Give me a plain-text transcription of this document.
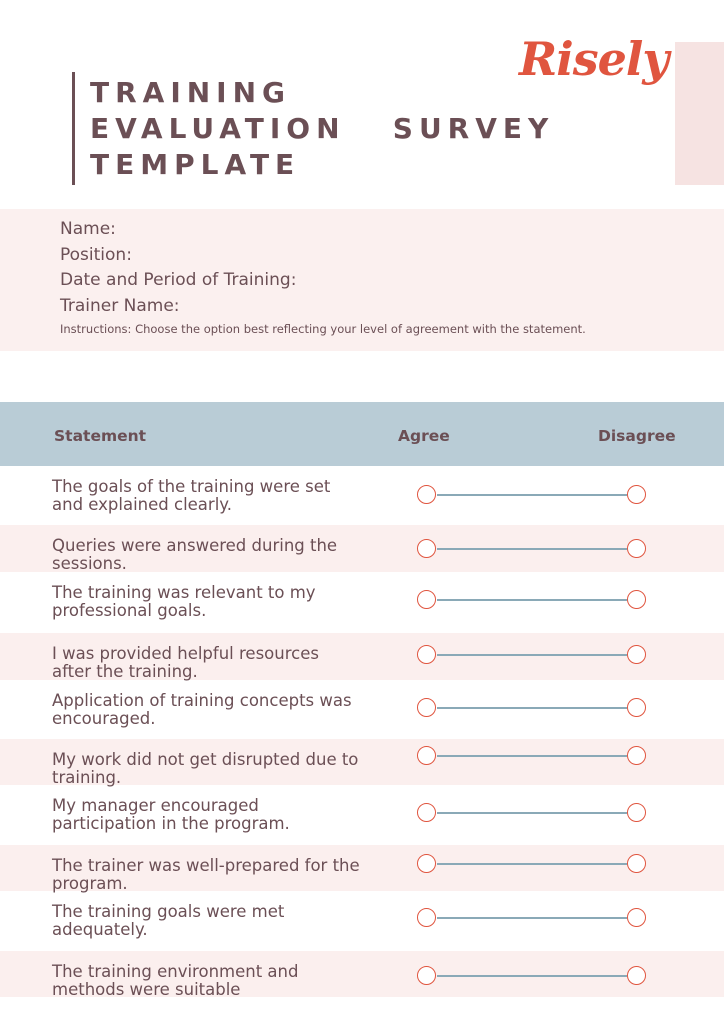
Risely
TRAINING
EVALUATION   SURVEY
TEMPLATE
Name:
Position:
Date and Period of Training:
Trainer Name:
Instructions: Choose the option best reflecting your level of agreement with the statement.
Statement	Agree	Disagree
The goals of the training were set
and explained clearly.
Queries were answered during the
sessions.
The training was relevant to my
professional goals.
I was provided helpful resources
after the training.
Application of training concepts was
encouraged.
My work did not get disrupted due to
training.
My manager encouraged
participation in the program.
The trainer was well-prepared for the
program.
The training goals were met
adequately.
The training environment and
methods were suitable
